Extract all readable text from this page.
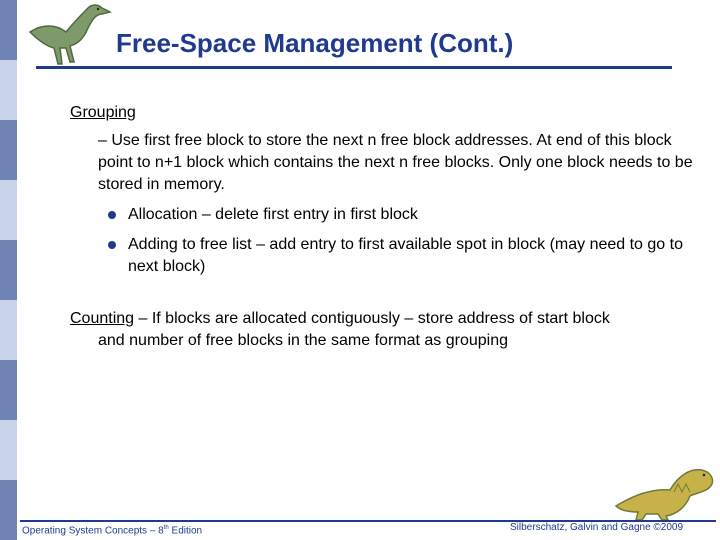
Free-Space Management (Cont.)
Grouping
– Use first free block to store the next n free block addresses. At end of this block point to n+1 block which contains the next n free blocks. Only one block needs to be stored in memory.
Allocation – delete first entry in first block
Adding to free list – add entry to first available spot in block (may need to go to next block)
Counting – If blocks are allocated contiguously – store address of start block
and number of free blocks in the same format as grouping
Operating System Concepts – 8th Edition	Silberschatz, Galvin and Gagne ©2009
